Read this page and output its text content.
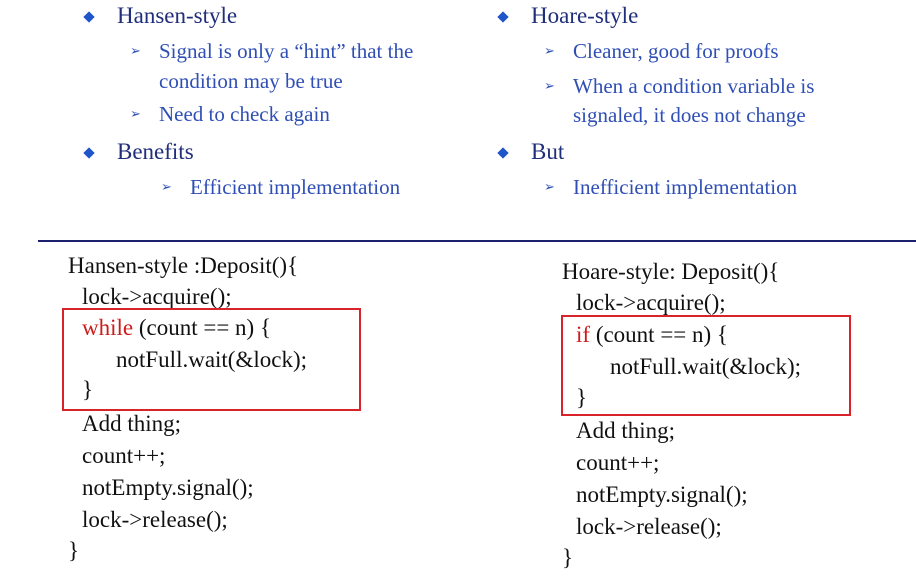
Hansen-style
➢ Signal is only a “hint” that the
condition may be true
➢ Need to check again
Benefits
➢ Efficient implementation
Hoare-style
➢ Cleaner, good for proofs
➢ When a condition variable is
signaled, it does not change
But
➢ Inefficient implementation
Hansen-style :Deposit(){
lock->acquire();
while (count == n) {
notFull.wait(&lock);
}
Add thing;
count++;
notEmpty.signal();
lock->release();
}
Hoare-style: Deposit(){
lock->acquire();
if (count == n) {
notFull.wait(&lock);
}
Add thing;
count++;
notEmpty.signal();
lock->release();
}
